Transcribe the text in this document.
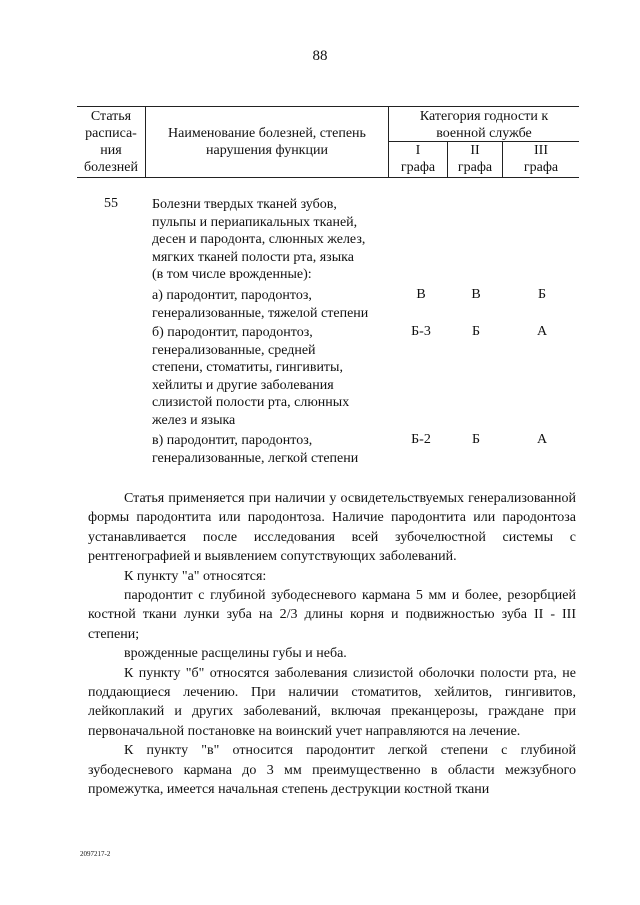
88
Статья
расписа-
ния
болезней
Наименование болезней, степень
нарушения функции
Категория годности к
военной службе
I
графа
II
графа
III
графа
55 Болезни твердых тканей зубов,
пульпы и периапикальных тканей,
десен и пародонта, слюнных желез,
мягких тканей полости рта, языка
(в том числе врожденные):
а) пародонтит, пародонтоз,
генерализованные, тяжелой степени
В	В	Б
б) пародонтит, пародонтоз,
генерализованные, средней
степени, стоматиты, гингивиты,
хейлиты и другие заболевания
слизистой полости рта, слюнных
желез и языка
Б-3	Б	А
в) пародонтит, пародонтоз,
генерализованные, легкой степени
Б-2	Б	А

Статья применяется при наличии у освидетельствуемых генерализованной формы пародонтита или пародонтоза. Наличие пародонтита или пародонтоза устанавливается после исследования всей зубочелюстной системы с рентгенографией и выявлением сопутствующих заболеваний.

К пункту "а" относятся:

пародонтит с глубиной зубодесневого кармана 5 мм и более, резорбцией костной ткани лунки зуба на 2/3 длины корня и подвижностью зуба II - III степени;

врожденные расщелины губы и неба.

К пункту "б" относятся заболевания слизистой оболочки полости рта, не поддающиеся лечению. При наличии стоматитов, хейлитов, гингивитов, лейкоплакий и других заболеваний, включая преканцерозы, граждане при первоначальной постановке на воинский учет направляются на лечение.

К пункту "в" относится пародонтит легкой степени с глубиной зубодесневого кармана до 3 мм преимущественно в области межзубного промежутка, имеется начальная степень деструкции костной ткани

2097217-2
